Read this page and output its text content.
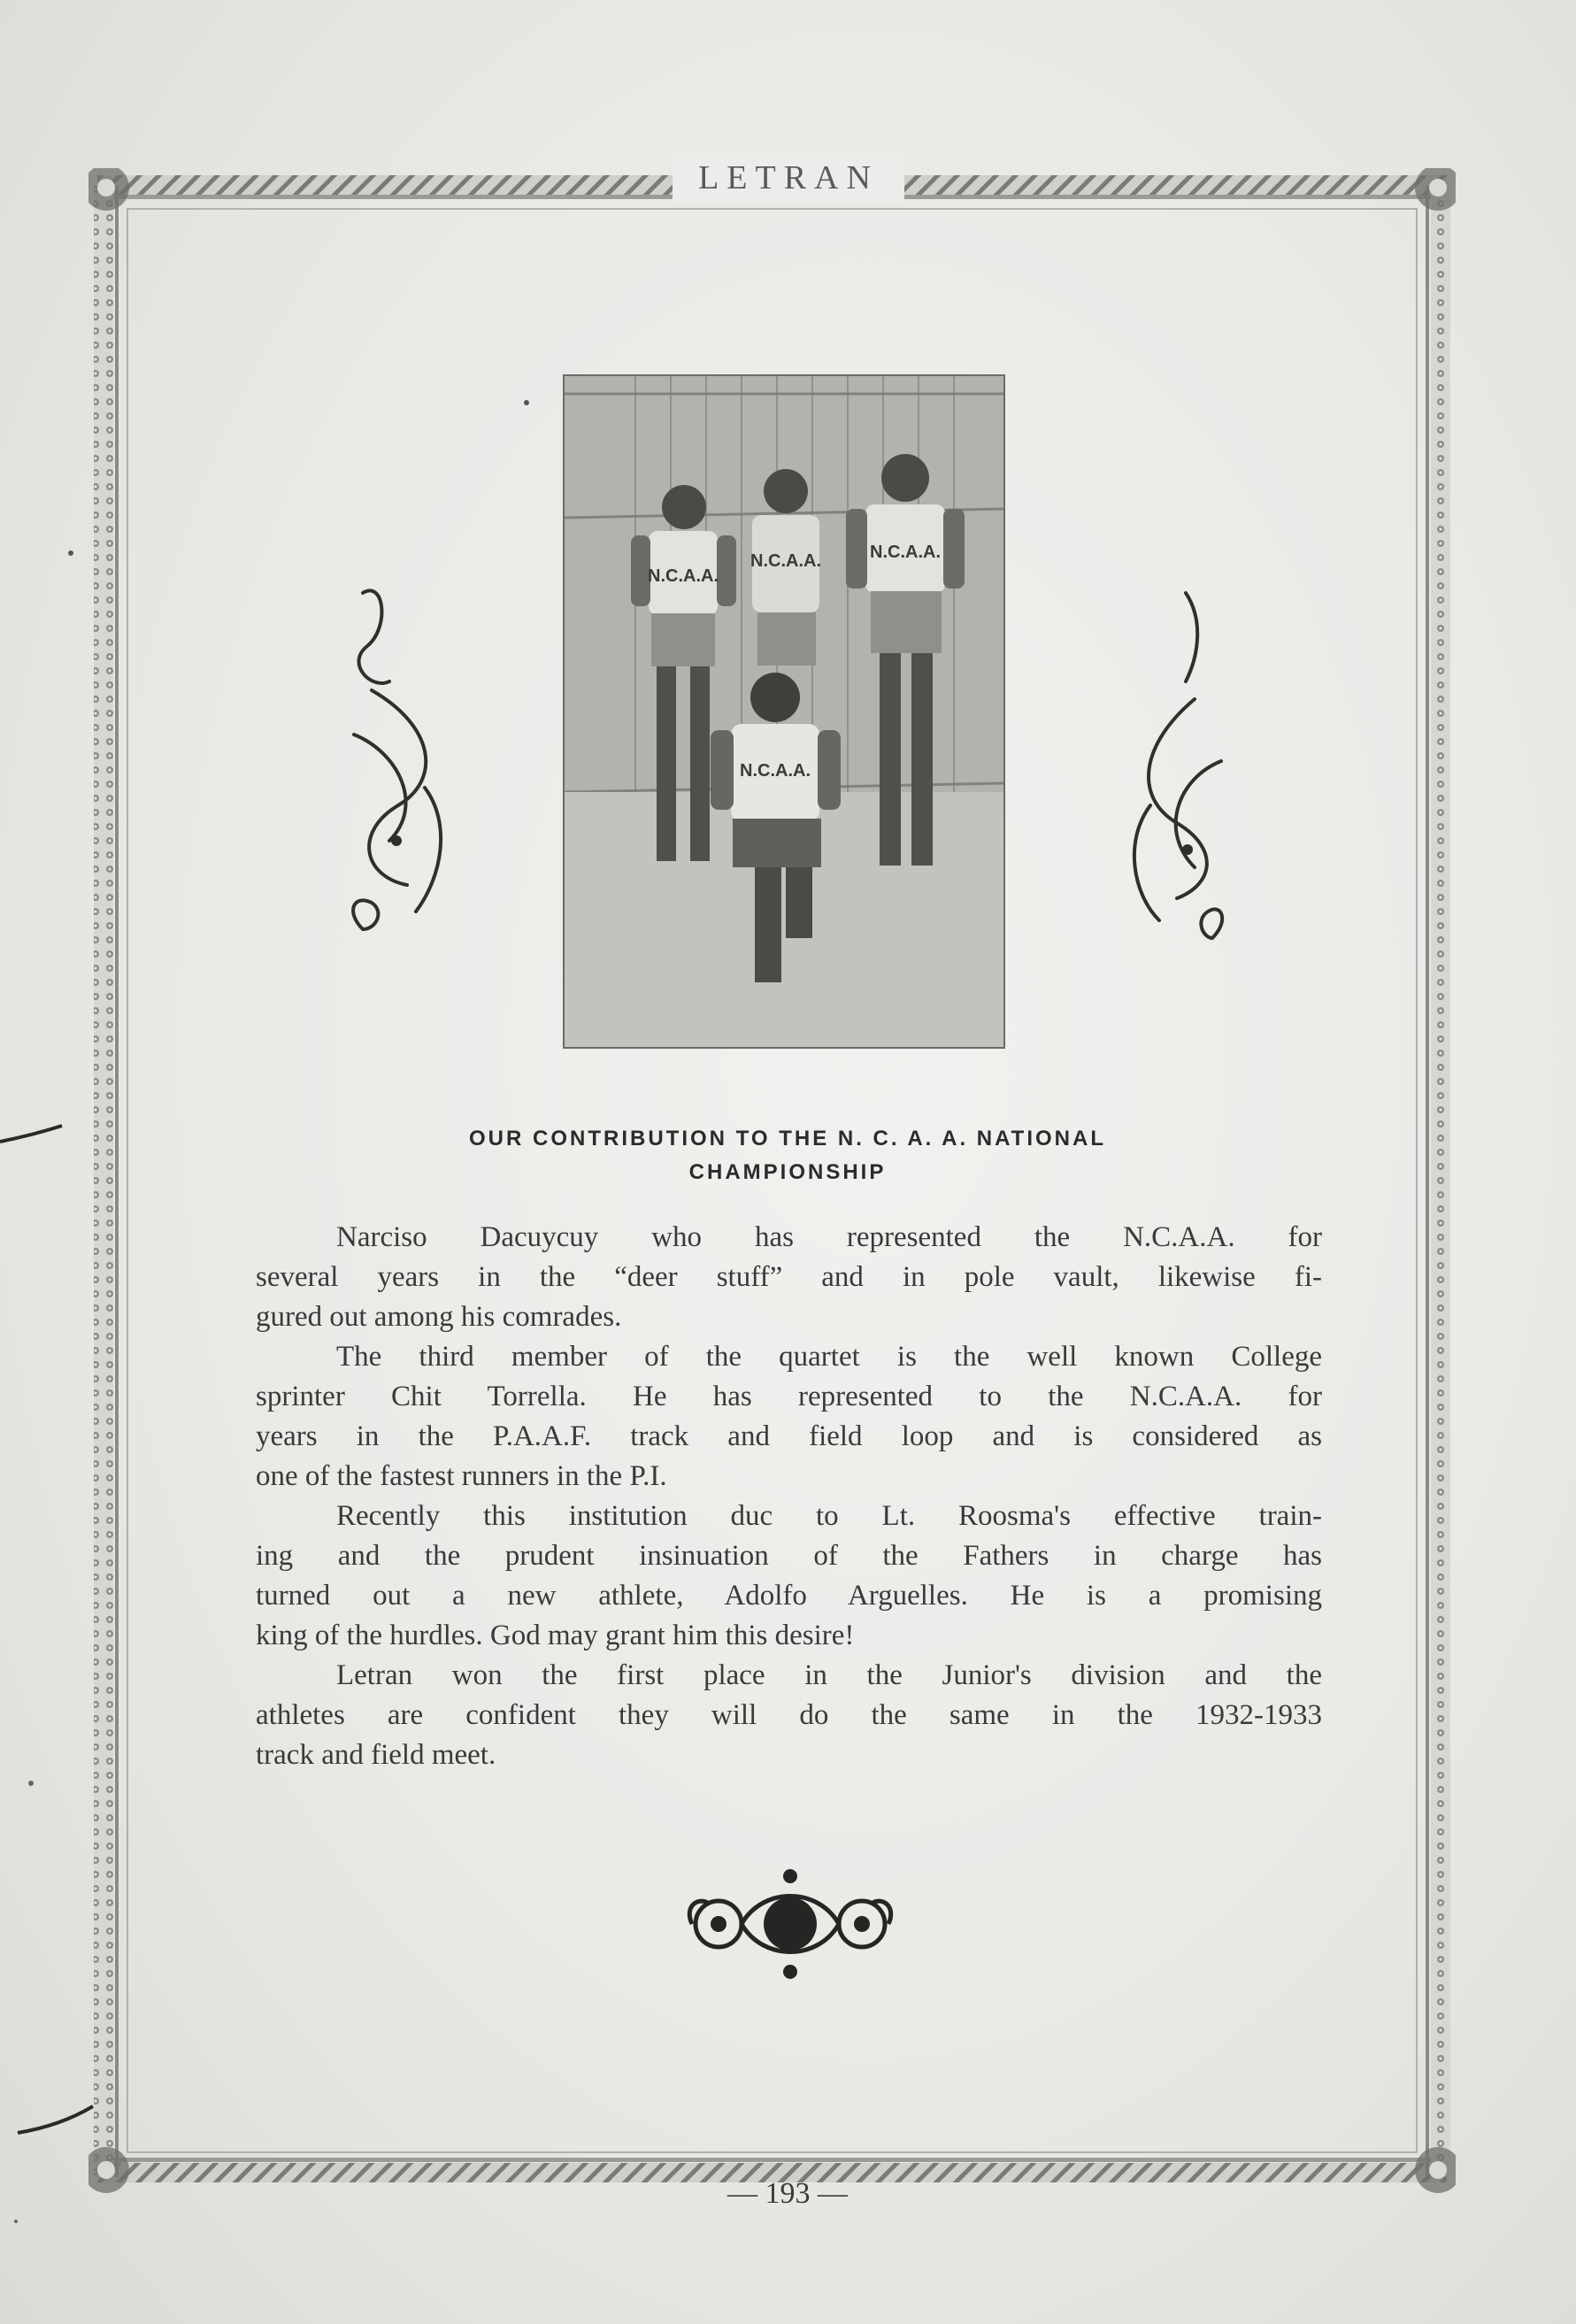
LETRAN
N.C.A.A.
N.C.A.A.	N.C.A.A.
N.C.A.A.
OUR CONTRIBUTION TO THE N. C. A. A. NATIONAL
CHAMPIONSHIP
Narciso Dacuycuy who has represented the N.C.A.A. for
several years in the “deer stuff” and in pole vault, likewise fi-
gured out among his comrades.
The third member of the quartet is the well known College
sprinter Chit Torrella. He has represented to the N.C.A.A. for
years in the P.A.A.F. track and field loop and is considered as
one of the fastest runners in the P.I.
Recently this institution duc to Lt. Roosma's effective train-
ing and the prudent insinuation of the Fathers in charge has
turned out a new athlete, Adolfo Arguelles. He is a promising
king of the hurdles. God may grant him this desire!
Letran won the first place in the Junior's division and the
athletes are confident they will do the same in the 1932-1933
track and field meet.
— 193 —
